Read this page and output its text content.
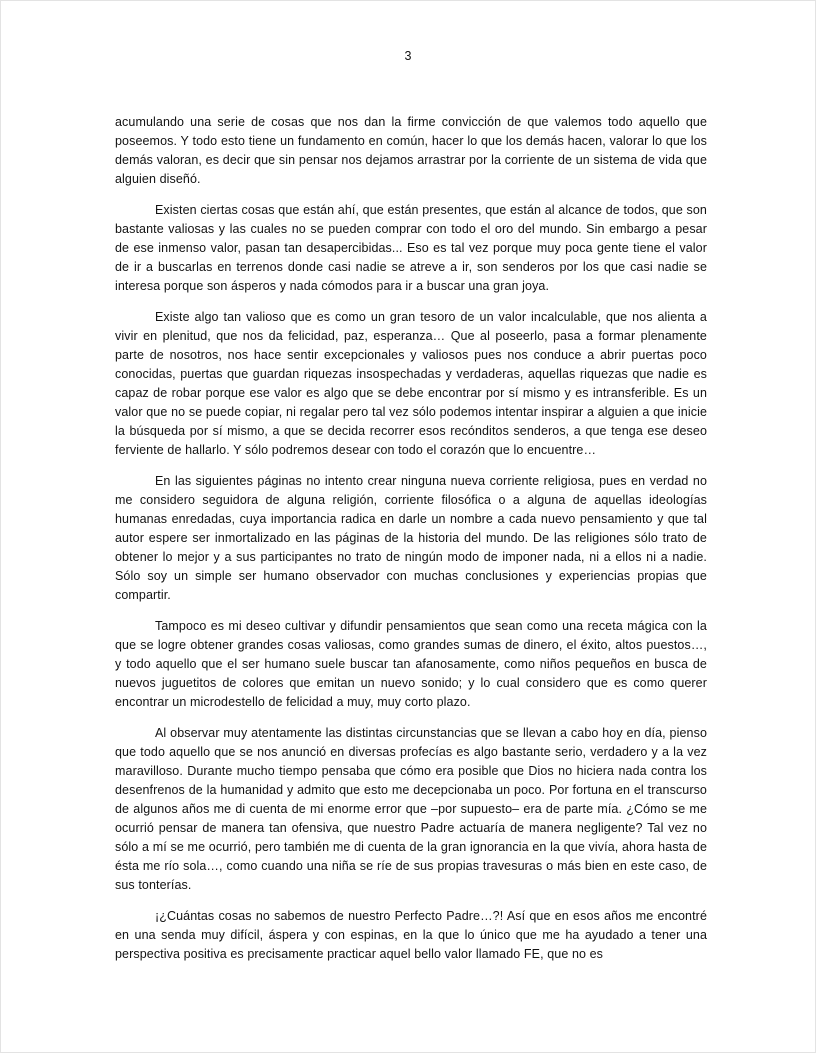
3

acumulando una serie de cosas que nos dan la firme convicción de que valemos todo aquello que poseemos. Y todo esto tiene un fundamento en común, hacer lo que los demás hacen, valorar lo que los demás valoran, es decir que sin pensar nos dejamos arrastrar por la corriente de un sistema de vida que alguien diseñó.

Existen ciertas cosas que están ahí, que están presentes, que están al alcance de todos, que son bastante valiosas y las cuales no se pueden comprar con todo el oro del mundo. Sin embargo a pesar de ese inmenso valor, pasan tan desapercibidas... Eso es tal vez porque muy poca gente tiene el valor de ir a buscarlas en terrenos donde casi nadie se atreve a ir, son senderos por los que casi nadie se interesa porque son ásperos y nada cómodos para ir a buscar una gran joya.

Existe algo tan valioso que es como un gran tesoro de un valor incalculable, que nos alienta a vivir en plenitud, que nos da felicidad, paz, esperanza… Que al poseerlo, pasa a formar plenamente parte de nosotros, nos hace sentir excepcionales y valiosos pues nos conduce a abrir puertas poco conocidas, puertas que guardan riquezas insospechadas y verdaderas, aquellas riquezas que nadie es capaz de robar porque ese valor es algo que se debe encontrar por sí mismo y es intransferible. Es un valor que no se puede copiar, ni regalar pero tal vez sólo podemos intentar inspirar a alguien a que inicie la búsqueda por sí mismo, a que se decida recorrer esos recónditos senderos, a que tenga ese deseo ferviente de hallarlo. Y sólo podremos desear con todo el corazón que lo encuentre…

En las siguientes páginas no intento crear ninguna nueva corriente religiosa, pues en verdad no me considero seguidora de alguna religión, corriente filosófica o a alguna de aquellas ideologías humanas enredadas, cuya importancia radica en darle un nombre a cada nuevo pensamiento y que tal autor espere ser inmortalizado en las páginas de la historia del mundo. De las religiones sólo trato de obtener lo mejor y a sus participantes no trato de ningún modo de imponer nada, ni a ellos ni a nadie. Sólo soy un simple ser humano observador con muchas conclusiones y experiencias propias que compartir.

Tampoco es mi deseo cultivar y difundir pensamientos que sean como una receta mágica con la que se logre obtener grandes cosas valiosas, como grandes sumas de dinero, el éxito, altos puestos…, y todo aquello que el ser humano suele buscar tan afanosamente, como niños pequeños en busca de nuevos juguetitos de colores que emitan un nuevo sonido; y lo cual considero que es como querer encontrar un microdestello de felicidad a muy, muy corto plazo.

Al observar muy atentamente las distintas circunstancias que se llevan a cabo hoy en día, pienso que todo aquello que se nos anunció en diversas profecías es algo bastante serio, verdadero y a la vez maravilloso. Durante mucho tiempo pensaba que cómo era posible que Dios no hiciera nada contra los desenfrenos de la humanidad y admito que esto me decepcionaba un poco. Por fortuna en el transcurso de algunos años me di cuenta de mi enorme error que –por supuesto– era de parte mía. ¿Cómo se me ocurrió pensar de manera tan ofensiva, que nuestro Padre actuaría de manera negligente? Tal vez no sólo a mí se me ocurrió, pero también me di cuenta de la gran ignorancia en la que vivía, ahora hasta de ésta me río sola…, como cuando una niña se ríe de sus propias travesuras o más bien en este caso, de sus tonterías.

¡¿Cuántas cosas no sabemos de nuestro Perfecto Padre…?! Así que en esos años me encontré en una senda muy difícil, áspera y con espinas, en la que lo único que me ha ayudado a tener una perspectiva positiva es precisamente practicar aquel bello valor llamado FE, que no es
